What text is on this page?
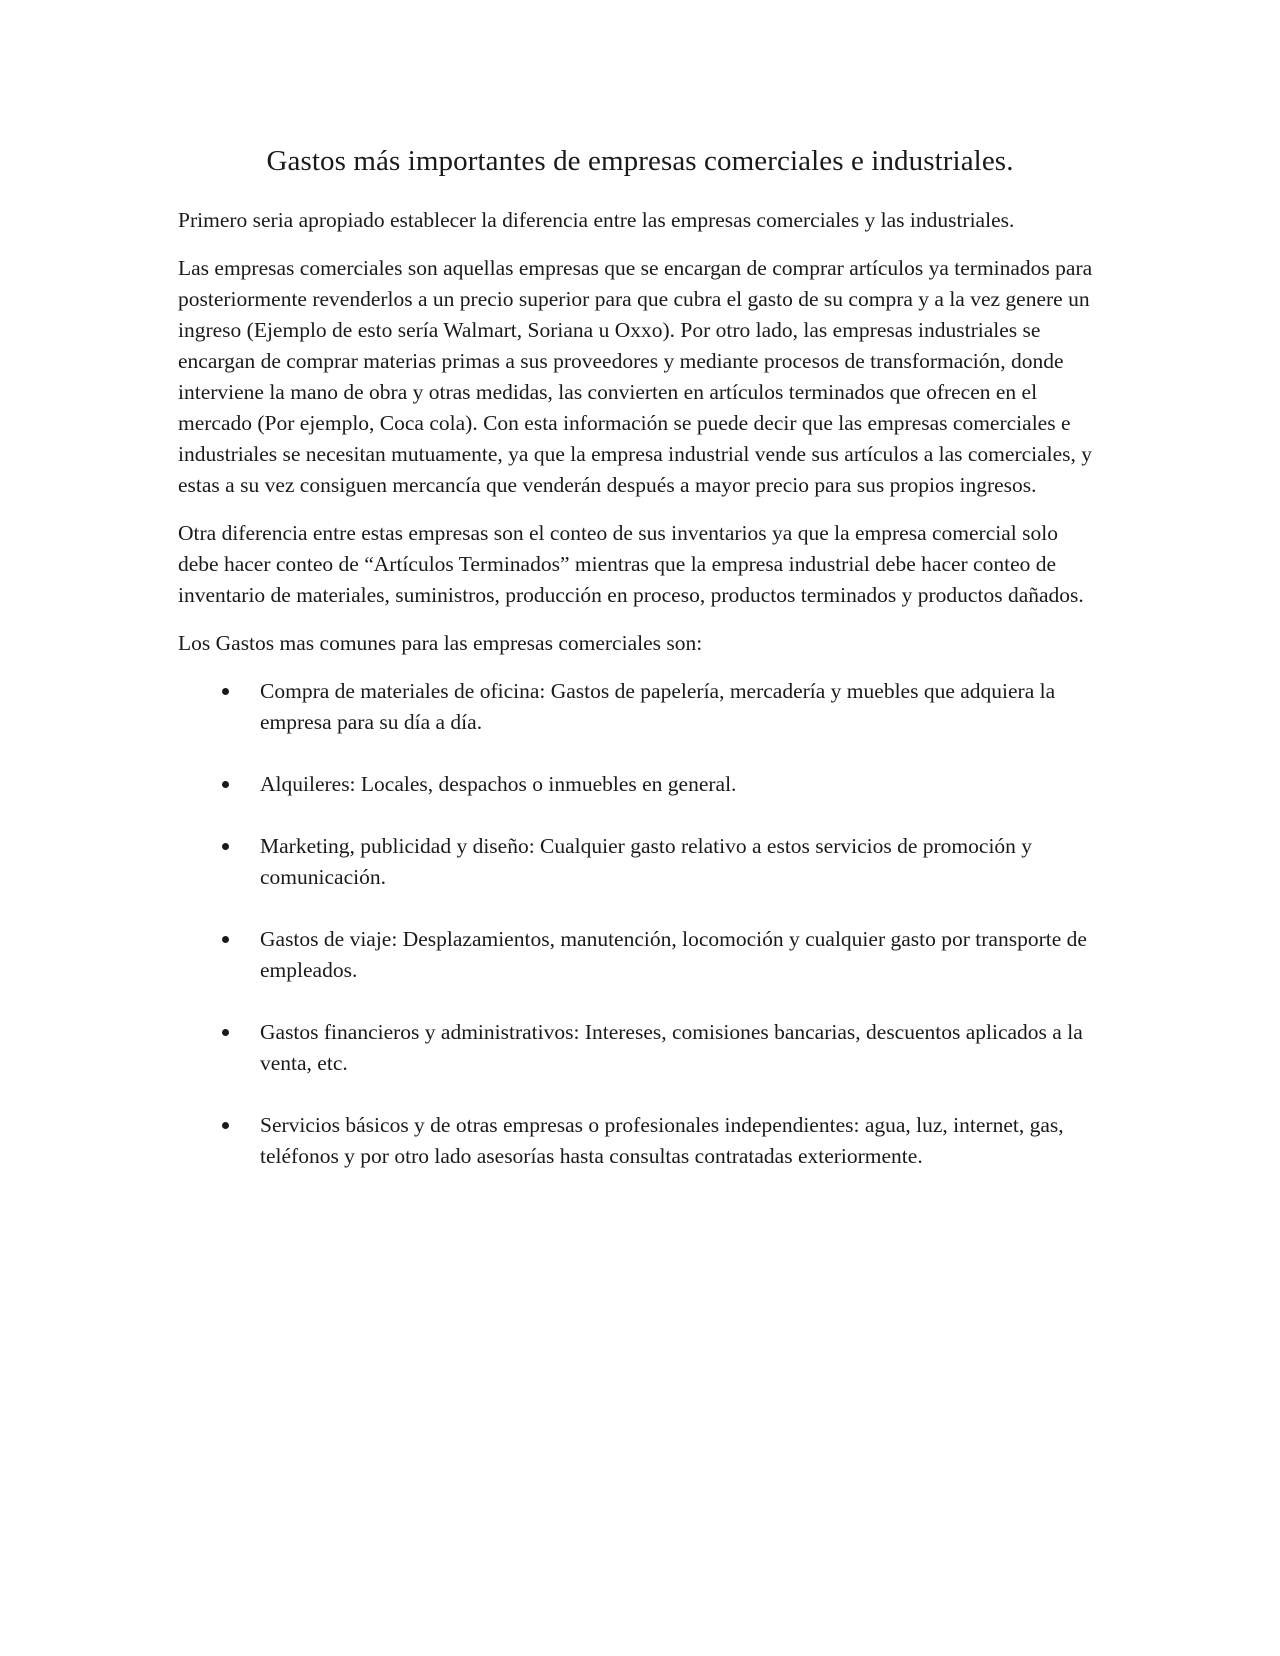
Gastos más importantes de empresas comerciales e industriales.

Primero seria apropiado establecer la diferencia entre las empresas comerciales y las industriales.

Las empresas comerciales son aquellas empresas que se encargan de comprar artículos ya terminados para posteriormente revenderlos a un precio superior para que cubra el gasto de su compra y a la vez genere un ingreso (Ejemplo de esto sería Walmart, Soriana u Oxxo). Por otro lado, las empresas industriales se encargan de comprar materias primas a sus proveedores y mediante procesos de transformación, donde interviene la mano de obra y otras medidas, las convierten en artículos terminados que ofrecen en el mercado (Por ejemplo, Coca cola). Con esta información se puede decir que las empresas comerciales e industriales se necesitan mutuamente, ya que la empresa industrial vende sus artículos a las comerciales, y estas a su vez consiguen mercancía que venderán después a mayor precio para sus propios ingresos.

Otra diferencia entre estas empresas son el conteo de sus inventarios ya que la empresa comercial solo debe hacer conteo de “Artículos Terminados” mientras que la empresa industrial debe hacer conteo de inventario de materiales, suministros, producción en proceso, productos terminados y productos dañados.

Los Gastos mas comunes para las empresas comerciales son:

Compra de materiales de oficina: Gastos de papelería, mercadería y muebles que adquiera la empresa para su día a día.
Alquileres: Locales, despachos o inmuebles en general.
Marketing, publicidad y diseño: Cualquier gasto relativo a estos servicios de promoción y comunicación.
Gastos de viaje: Desplazamientos, manutención, locomoción y cualquier gasto por transporte de empleados.
Gastos financieros y administrativos: Intereses, comisiones bancarias, descuentos aplicados a la venta, etc.
Servicios básicos y de otras empresas o profesionales independientes: agua, luz, internet, gas, teléfonos y por otro lado asesorías hasta consultas contratadas exteriormente.
